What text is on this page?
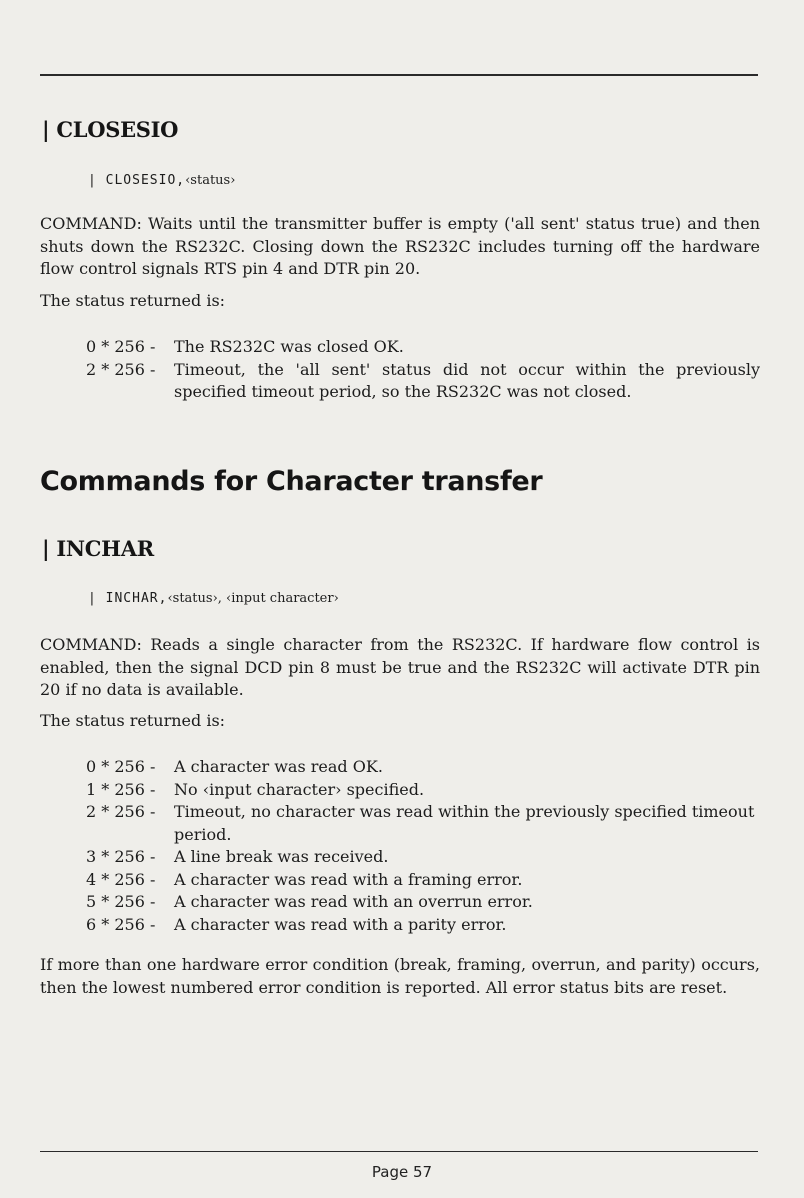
| CLOSESIO
| CLOSESIO,‹status›

COMMAND: Waits until the transmitter buffer is empty ('all sent' status true) and then shuts down the RS232C. Closing down the RS232C includes turning off the hardware flow control signals RTS pin 4 and DTR pin 20.

The status returned is:

0 * 256 -	The RS232C was closed OK.
2 * 256 -	Timeout, the 'all sent' status did not occur within the previously specified timeout period, so the RS232C was not closed.
Commands for Character transfer
| INCHAR
| INCHAR,‹status›, ‹input character›

COMMAND: Reads a single character from the RS232C. If hardware flow control is enabled, then the signal DCD pin 8 must be true and the RS232C will activate DTR pin 20 if no data is available.

The status returned is:

0 * 256 -	A character was read OK.
1 * 256 -	No ‹input character› specified.
2 * 256 -	Timeout, no character was read within the previously specified timeout period.
3 * 256 -	A line break was received.
4 * 256 -	A character was read with a framing error.
5 * 256 -	A character was read with an overrun error.
6 * 256 -	A character was read with a parity error.

If more than one hardware error condition (break, framing, overrun, and parity) occurs, then the lowest numbered error condition is reported. All error status bits are reset.

Page 57
